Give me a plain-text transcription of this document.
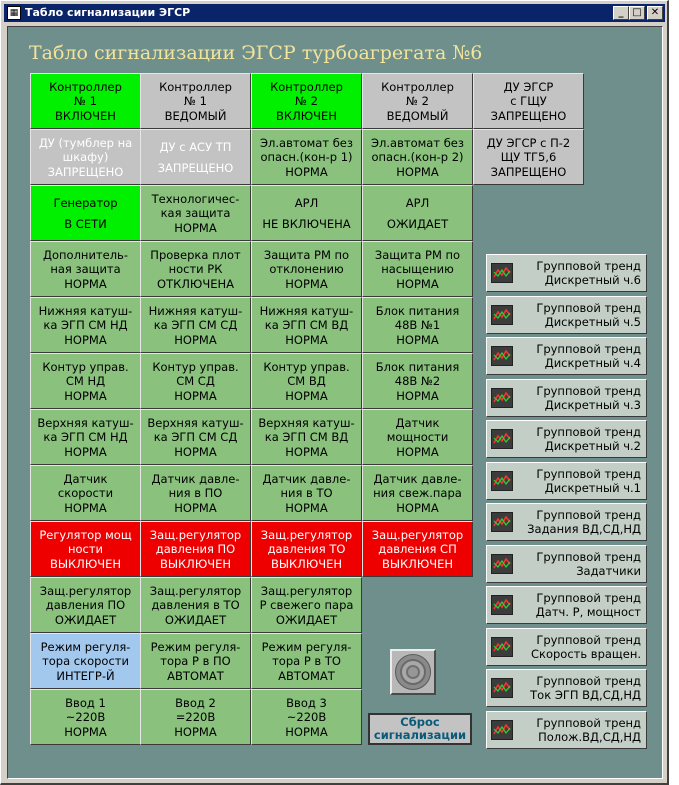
▦ Табло сигнализации ЭГСР	_ □ ✕
Табло сигнализации ЭГСР турбоагрегата №6
Контроллер
№ 1
ВКЛЮЧЕН
Контроллер
№ 1
ВЕДОМЫЙ
Контроллер
№ 2
ВКЛЮЧЕН
Контроллер
№ 2
ВЕДОМЫЙ
ДУ ЭГСР
с ГЩУ
ЗАПРЕЩЕНО
ДУ (тумблер на
шкафу)
ЗАПРЕЩЕНО
ДУ с АСУ ТП
ЗАПРЕЩЕНО
Эл.автомат без
опасн.(кон-р 1)
НОРМА
Эл.автомат без
опасн.(кон-р 2)
НОРМА
ДУ ЭГСР с П-2
ЩУ ТГ5,6
ЗАПРЕЩЕНО
Генератор
В СЕТИ
Технологичес-
кая защита
НОРМА
АРЛ
НЕ ВКЛЮЧЕНА
АРЛ
ОЖИДАЕТ
Дополнитель-
ная защита
НОРМА
Проверка плот
ности РК
ОТКЛЮЧЕНА
Защита РМ по
отклонению
НОРМА
Защита РМ по
насыщению
НОРМА
Нижняя катуш-
ка ЭГП СМ НД
НОРМА
Нижняя катуш-
ка ЭГП СМ СД
НОРМА
Нижняя катуш-
ка ЭГП СМ ВД
НОРМА
Блок питания
48В №1
НОРМА
Контур управ.
СМ НД
НОРМА
Контур управ.
СМ СД
НОРМА
Контур управ.
СМ ВД
НОРМА
Блок питания
48В №2
НОРМА
Верхняя катуш-
ка ЭГП СМ НД
НОРМА
Верхняя катуш-
ка ЭГП СМ СД
НОРМА
Верхняя катуш-
ка ЭГП СМ ВД
НОРМА
Датчик
мощности
НОРМА
Датчик
скорости
НОРМА
Датчик давле-
ния в ПО
НОРМА
Датчик давле-
ния в ТО
НОРМА
Датчик давле-
ния свеж.пара
НОРМА
Регулятор мощ
ности
ВЫКЛЮЧЕН
Защ.регулятор
давления ПО
ВЫКЛЮЧЕН
Защ.регулятор
давления ТО
ВЫКЛЮЧЕН
Защ.регулятор
давления СП
ВЫКЛЮЧЕН
Защ.регулятор
давления ПО
ОЖИДАЕТ
Защ.регулятор
давления в ТО
ОЖИДАЕТ
Защ.регулятор
Р свежего пара
ОЖИДАЕТ
Режим регуля-
тора скорости
ИНТЕГР-Й
Режим регуля-
тора Р в ПО
АВТОМАТ
Режим регуля-
тора Р в ТО
АВТОМАТ
Ввод 1
~220В
НОРМА
Ввод 2
=220В
НОРМА
Ввод 3
~220В
НОРМА
Групповой тренд
Дискретный ч.6
Групповой тренд
Дискретный ч.5
Групповой тренд
Дискретный ч.4
Групповой тренд
Дискретный ч.3
Групповой тренд
Дискретный ч.2
Групповой тренд
Дискретный ч.1
Групповой тренд
Задания ВД,СД,НД
Групповой тренд
Задатчики
Групповой тренд
Датч. Р, мощност
Групповой тренд
Скорость вращен.
Групповой тренд
Ток ЭГП ВД,СД,НД
Групповой тренд
Полож.ВД,СД,НД
Сброс
сигнализации
